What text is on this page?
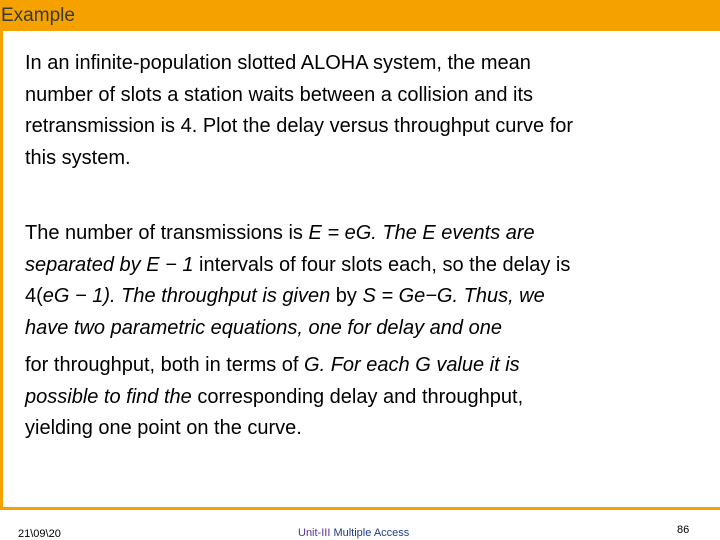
Example
In an infinite-population slotted ALOHA system, the mean
number of slots a station waits between a collision and its
retransmission is 4. Plot the delay versus throughput curve for
this system.
The number of transmissions is E = eG. The E events are
separated by E − 1 intervals of four slots each, so the delay is
4(eG − 1). The throughput is given by S = Ge−G. Thus, we
have two parametric equations, one for delay and one
for throughput, both in terms of G. For each G value it is
possible to find the corresponding delay and throughput,
yielding one point on the curve.
21\09\20	Unit-III Multiple Access	86
